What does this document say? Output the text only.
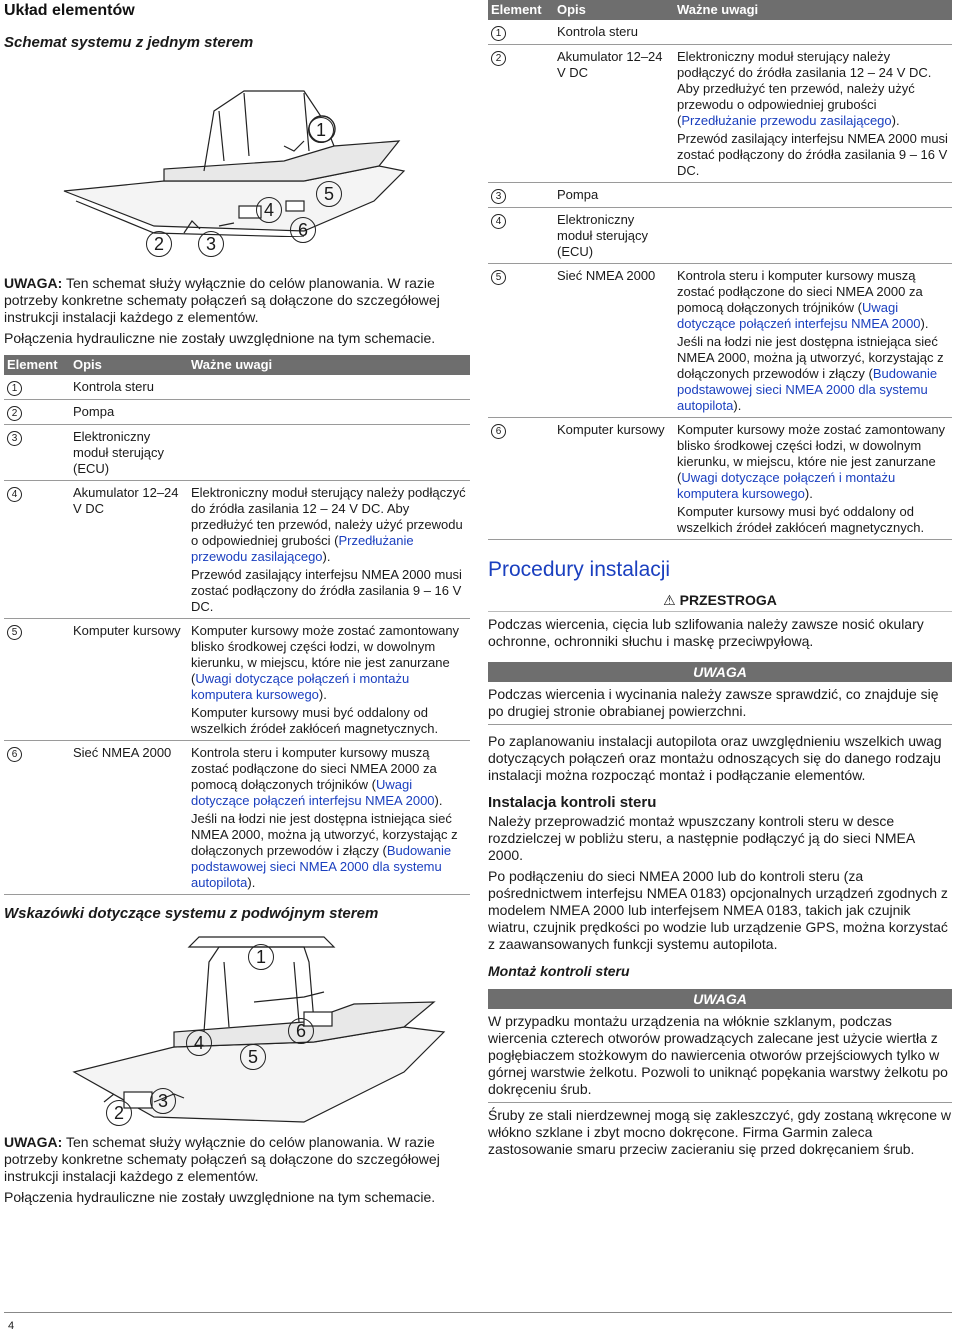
Układ elementów
Schemat systemu z jednym sterem
1
4
5
2	3
6

UWAGA: Ten schemat służy wyłącznie do celów planowania. W razie potrzeby konkretne schematy połączeń są dołączone do szczegółowej instrukcji instalacji każdego z elementów.

Połączenia hydrauliczne nie zostały uwzględnione na tym schemacie.

Element	Opis	Ważne uwagi
1	Kontrola steru	
2	Pompa	
3	Elektroniczny moduł sterujący (ECU)	
4	Akumulator 12–24 V DC	Elektroniczny moduł sterujący należy podłączyć do źródła zasilania 12 – 24 V DC. Aby przedłużyć ten przewód, należy użyć przewodu o odpowiedniej grubości (Przedłużanie przewodu zasilającego).
Przewód zasilający interfejsu NMEA 2000 musi zostać podłączony do źródła zasilania 9 – 16 V DC.

5	Komputer kursowy	Komputer kursowy może zostać zamontowany blisko środkowej części łodzi, w dowolnym kierunku, w miejscu, które nie jest zanurzane (Uwagi dotyczące połączeń i montażu komputera kursowego).
Komputer kursowy musi być oddalony od wszelkich źródeł zakłóceń magnetycznych.

6	Sieć NMEA 2000	Kontrola steru i komputer kursowy muszą zostać podłączone do sieci NMEA 2000 za pomocą dołączonych trójników (Uwagi dotyczące połączeń interfejsu NMEA 2000).
Jeśli na łodzi nie jest dostępna istniejąca sieć NMEA 2000, można ją utworzyć, korzystając z dołączonych przewodów i złączy (Budowanie podstawowej sieci NMEA 2000 dla systemu autopilota).
Wskazówki dotyczące systemu z podwójnym sterem
1
6
4
5
3
2

UWAGA: Ten schemat służy wyłącznie do celów planowania. W razie potrzeby konkretne schematy połączeń są dołączone do szczegółowej instrukcji instalacji każdego z elementów.

Połączenia hydrauliczne nie zostały uwzględnione na tym schemacie.

Element	Opis	Ważne uwagi
1	Kontrola steru	
2	Akumulator 12–24 V DC	Elektroniczny moduł sterujący należy podłączyć do źródła zasilania 12 – 24 V DC. Aby przedłużyć ten przewód, należy użyć przewodu o odpowiedniej grubości (Przedłużanie przewodu zasilającego).
Przewód zasilający interfejsu NMEA 2000 musi zostać podłączony do źródła zasilania 9 – 16 V DC.

3	Pompa	
4	Elektroniczny moduł sterujący (ECU)	
5	Sieć NMEA 2000	Kontrola steru i komputer kursowy muszą zostać podłączone do sieci NMEA 2000 za pomocą dołączonych trójników (Uwagi dotyczące połączeń interfejsu NMEA 2000).
Jeśli na łodzi nie jest dostępna istniejąca sieć NMEA 2000, można ją utworzyć, korzystając z dołączonych przewodów i złączy (Budowanie podstawowej sieci NMEA 2000 dla systemu autopilota).

6	Komputer kursowy	Komputer kursowy może zostać zamontowany blisko środkowej części łodzi, w dowolnym kierunku, w miejscu, które nie jest zanurzane (Uwagi dotyczące połączeń i montażu komputera kursowego).
Komputer kursowy musi być oddalony od wszelkich źródeł zakłóceń magnetycznych.
Procedury instalacji
⚠ PRZESTROGA

Podczas wiercenia, cięcia lub szlifowania należy zawsze nosić okulary ochronne, ochronniki słuchu i maskę przeciwpyłową.

UWAGA

Podczas wiercenia i wycinania należy zawsze sprawdzić, co znajduje się po drugiej stronie obrabianej powierzchni.

Po zaplanowaniu instalacji autopilota oraz uwzględnieniu wszelkich uwag dotyczących połączeń oraz montażu odnoszących się do danego rodzaju instalacji można rozpocząć montaż i podłączanie elementów.

Instalacja kontroli steru

Należy przeprowadzić montaż wpuszczany kontroli steru w desce rozdzielczej w pobliżu steru, a następnie podłączyć ją do sieci NMEA 2000.

Po podłączeniu do sieci NMEA 2000 lub do kontroli steru (za pośrednictwem interfejsu NMEA 0183) opcjonalnych urządzeń zgodnych z modelem NMEA 2000 lub interfejsem NMEA 0183, takich jak czujnik wiatru, czujnik prędkości po wodzie lub urządzenie GPS, można korzystać z zaawansowanych funkcji systemu autopilota.

Montaż kontroli steru
UWAGA

W przypadku montażu urządzenia na włóknie szklanym, podczas wiercenia czterech otworów prowadzących zalecane jest użycie wiertła z pogłębiaczem stożkowym do nawiercenia otworów przejściowych tylko w górnej warstwie żelkotu. Pozwoli to uniknąć popękania warstwy żelkotu po dokręceniu śrub.

Śruby ze stali nierdzewnej mogą się zakleszczyć, gdy zostaną wkręcone w włókno szklane i zbyt mocno dokręcone. Firma Garmin zaleca zastosowanie smaru przeciw zacieraniu się przed dokręcaniem śrub.

4
